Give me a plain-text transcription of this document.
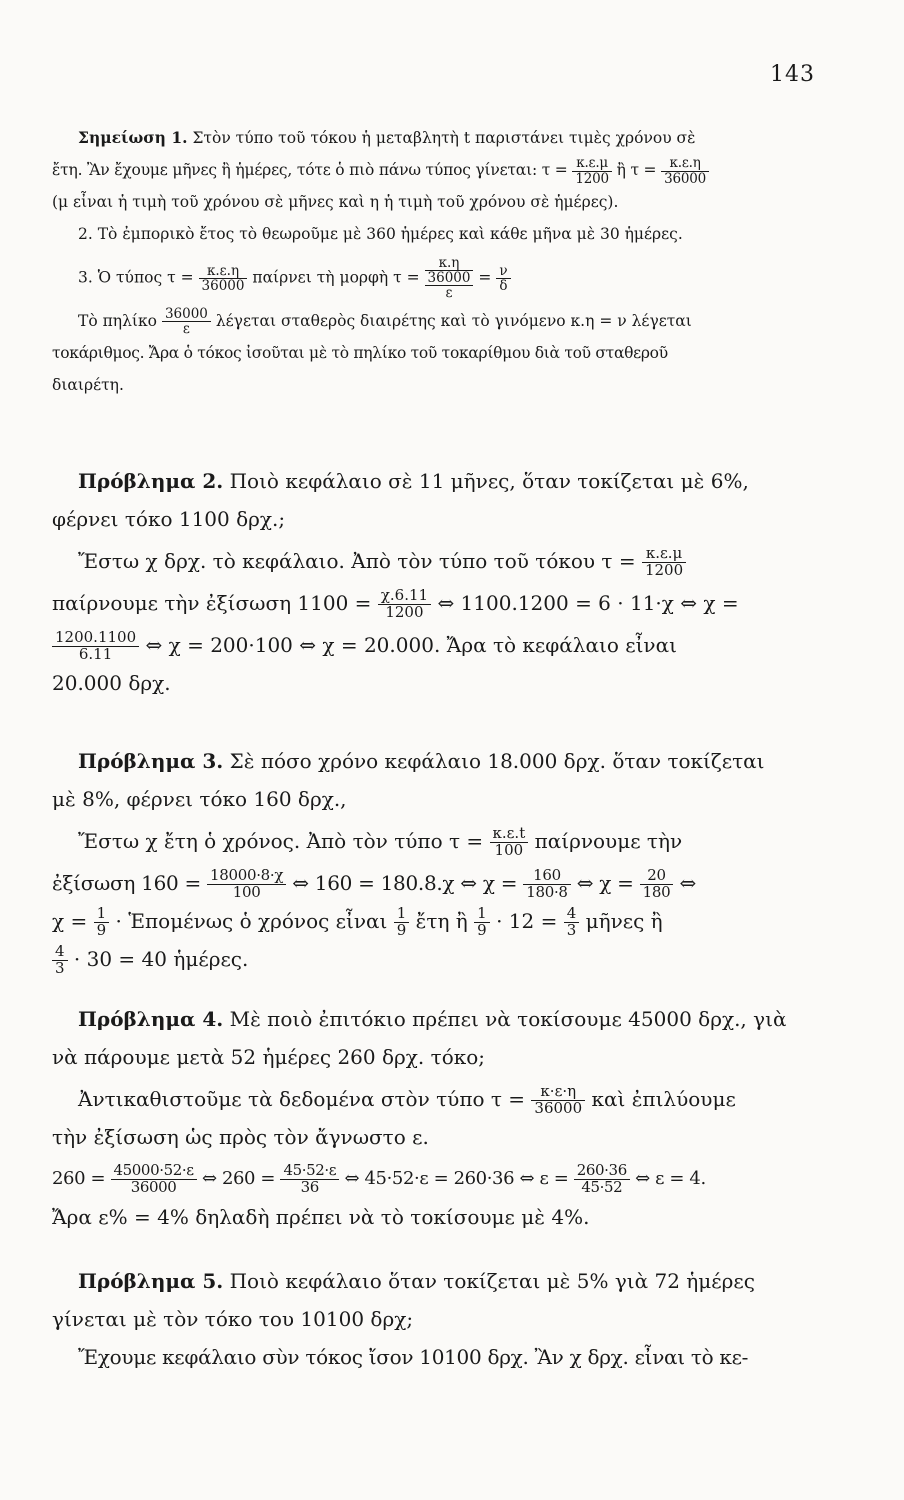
143
Σημείωση 1. Στὸν τύπο τοῦ τόκου ἡ μεταβλητὴ t παριστάνει τιμὲς χρόνου σὲ
ἔτη. Ἂν ἔχουμε μῆνες ἢ ἡμέρες, τότε ὁ πιὸ πάνω τύπος γίνεται: $\tau = \frac{\kappa.\varepsilon.\mu}{1200}$ ἢ $\tau = \frac{\kappa.\varepsilon.\eta}{36000}$
(μ εἶναι ἡ τιμὴ τοῦ χρόνου σὲ μῆνες καὶ η ἡ τιμὴ τοῦ χρόνου σὲ ἡμέρες).
2. Τὸ ἐμπορικὸ ἔτος τὸ θεωροῦμε μὲ 360 ἡμέρες καὶ κάθε μῆνα μὲ 30 ἡμέρες.
3. Ὁ τύπος $\tau = \frac{\kappa.\varepsilon.\eta}{36000}$ παίρνει τὴ μορφὴ τ =
κ.η
36000
ε
= $\frac{\nu}{\delta}$
Τὸ πηλίκο $\frac{36000}{\varepsilon}$ λέγεται σταθερὸς διαιρέτης καὶ τὸ γινόμενο κ.η = ν λέγεται
τοκάριθμος. Ἄρα ὁ τόκος ἰσοῦται μὲ τὸ πηλίκο τοῦ τοκαρίθμου διὰ τοῦ σταθεροῦ
διαιρέτη.
Πρόβλημα 2. Ποιὸ κεφάλαιο σὲ 11 μῆνες, ὅταν τοκίζεται μὲ 6%,
φέρνει τόκο 1100 δρχ.;
Ἔστω χ δρχ. τὸ κεφάλαιο. Ἀπὸ τὸν τύπο τοῦ τόκου $\tau = \frac{\kappa.\varepsilon.\mu}{1200}$
παίρνουμε τὴν ἐξίσωση $1100 = \frac{\chi.6.11}{1200}$ ⇔ 1100.1200 = 6 · 11·χ ⇔ χ =
$\frac{1200.1100}{6.11}$ ⇔ χ = 200·100 ⇔ χ = 20.000. Ἄρα τὸ κεφάλαιο εἶναι
20.000 δρχ.
Πρόβλημα 3. Σὲ πόσο χρόνο κεφάλαιο 18.000 δρχ. ὅταν τοκίζεται
μὲ 8%, φέρνει τόκο 160 δρχ.,
Ἔστω χ ἔτη ὁ χρόνος. Ἀπὸ τὸν τύπο $\tau = \frac{\kappa.\varepsilon.t}{100}$ παίρνουμε τὴν
ἐξίσωση $160 = \frac{18000\cdot 8\cdot\chi}{100}$ ⇔ 160 = 180.8.χ ⇔ $\chi = \frac{160}{180\cdot 8}$ ⇔ $\chi = \frac{20}{180}$ ⇔
$\chi = \frac{1}{9}$ · Ἑπομένως ὁ χρόνος εἶναι $\frac{1}{9}$ ἔτη ἢ $\frac{1}{9} \cdot 12 = \frac{4}{3}$ μῆνες ἢ
$\frac{4}{3} \cdot 30 = 40$ ἡμέρες.
Πρόβλημα 4. Μὲ ποιὸ ἐπιτόκιο πρέπει νὰ τοκίσουμε 45000 δρχ., γιὰ
νὰ πάρουμε μετὰ 52 ἡμέρες 260 δρχ. τόκο;
Ἀντικαθιστοῦμε τὰ δεδομένα στὸν τύπο $\tau = \frac{\kappa\cdot\varepsilon\cdot\eta}{36000}$ καὶ ἐπιλύουμε
τὴν ἐξίσωση ὡς πρὸς τὸν ἄγνωστο ε.
$260 = \frac{45000\cdot 52\cdot\varepsilon}{36000}$ ⇔ $260 = \frac{45\cdot 52\cdot\varepsilon}{36}$ ⇔ 45·52·ε = 260·36 ⇔ $\varepsilon = \frac{260\cdot 36}{45\cdot 52}$ ⇔ ε = 4.
Ἄρα ε% = 4% δηλαδὴ πρέπει νὰ τὸ τοκίσουμε μὲ 4%.
Πρόβλημα 5. Ποιὸ κεφάλαιο ὅταν τοκίζεται μὲ 5% γιὰ 72 ἡμέρες
γίνεται μὲ τὸν τόκο του 10100 δρχ;
Ἔχουμε κεφάλαιο σὺν τόκος ἴσον 10100 δρχ. Ἂν χ δρχ. εἶναι τὸ κε-
